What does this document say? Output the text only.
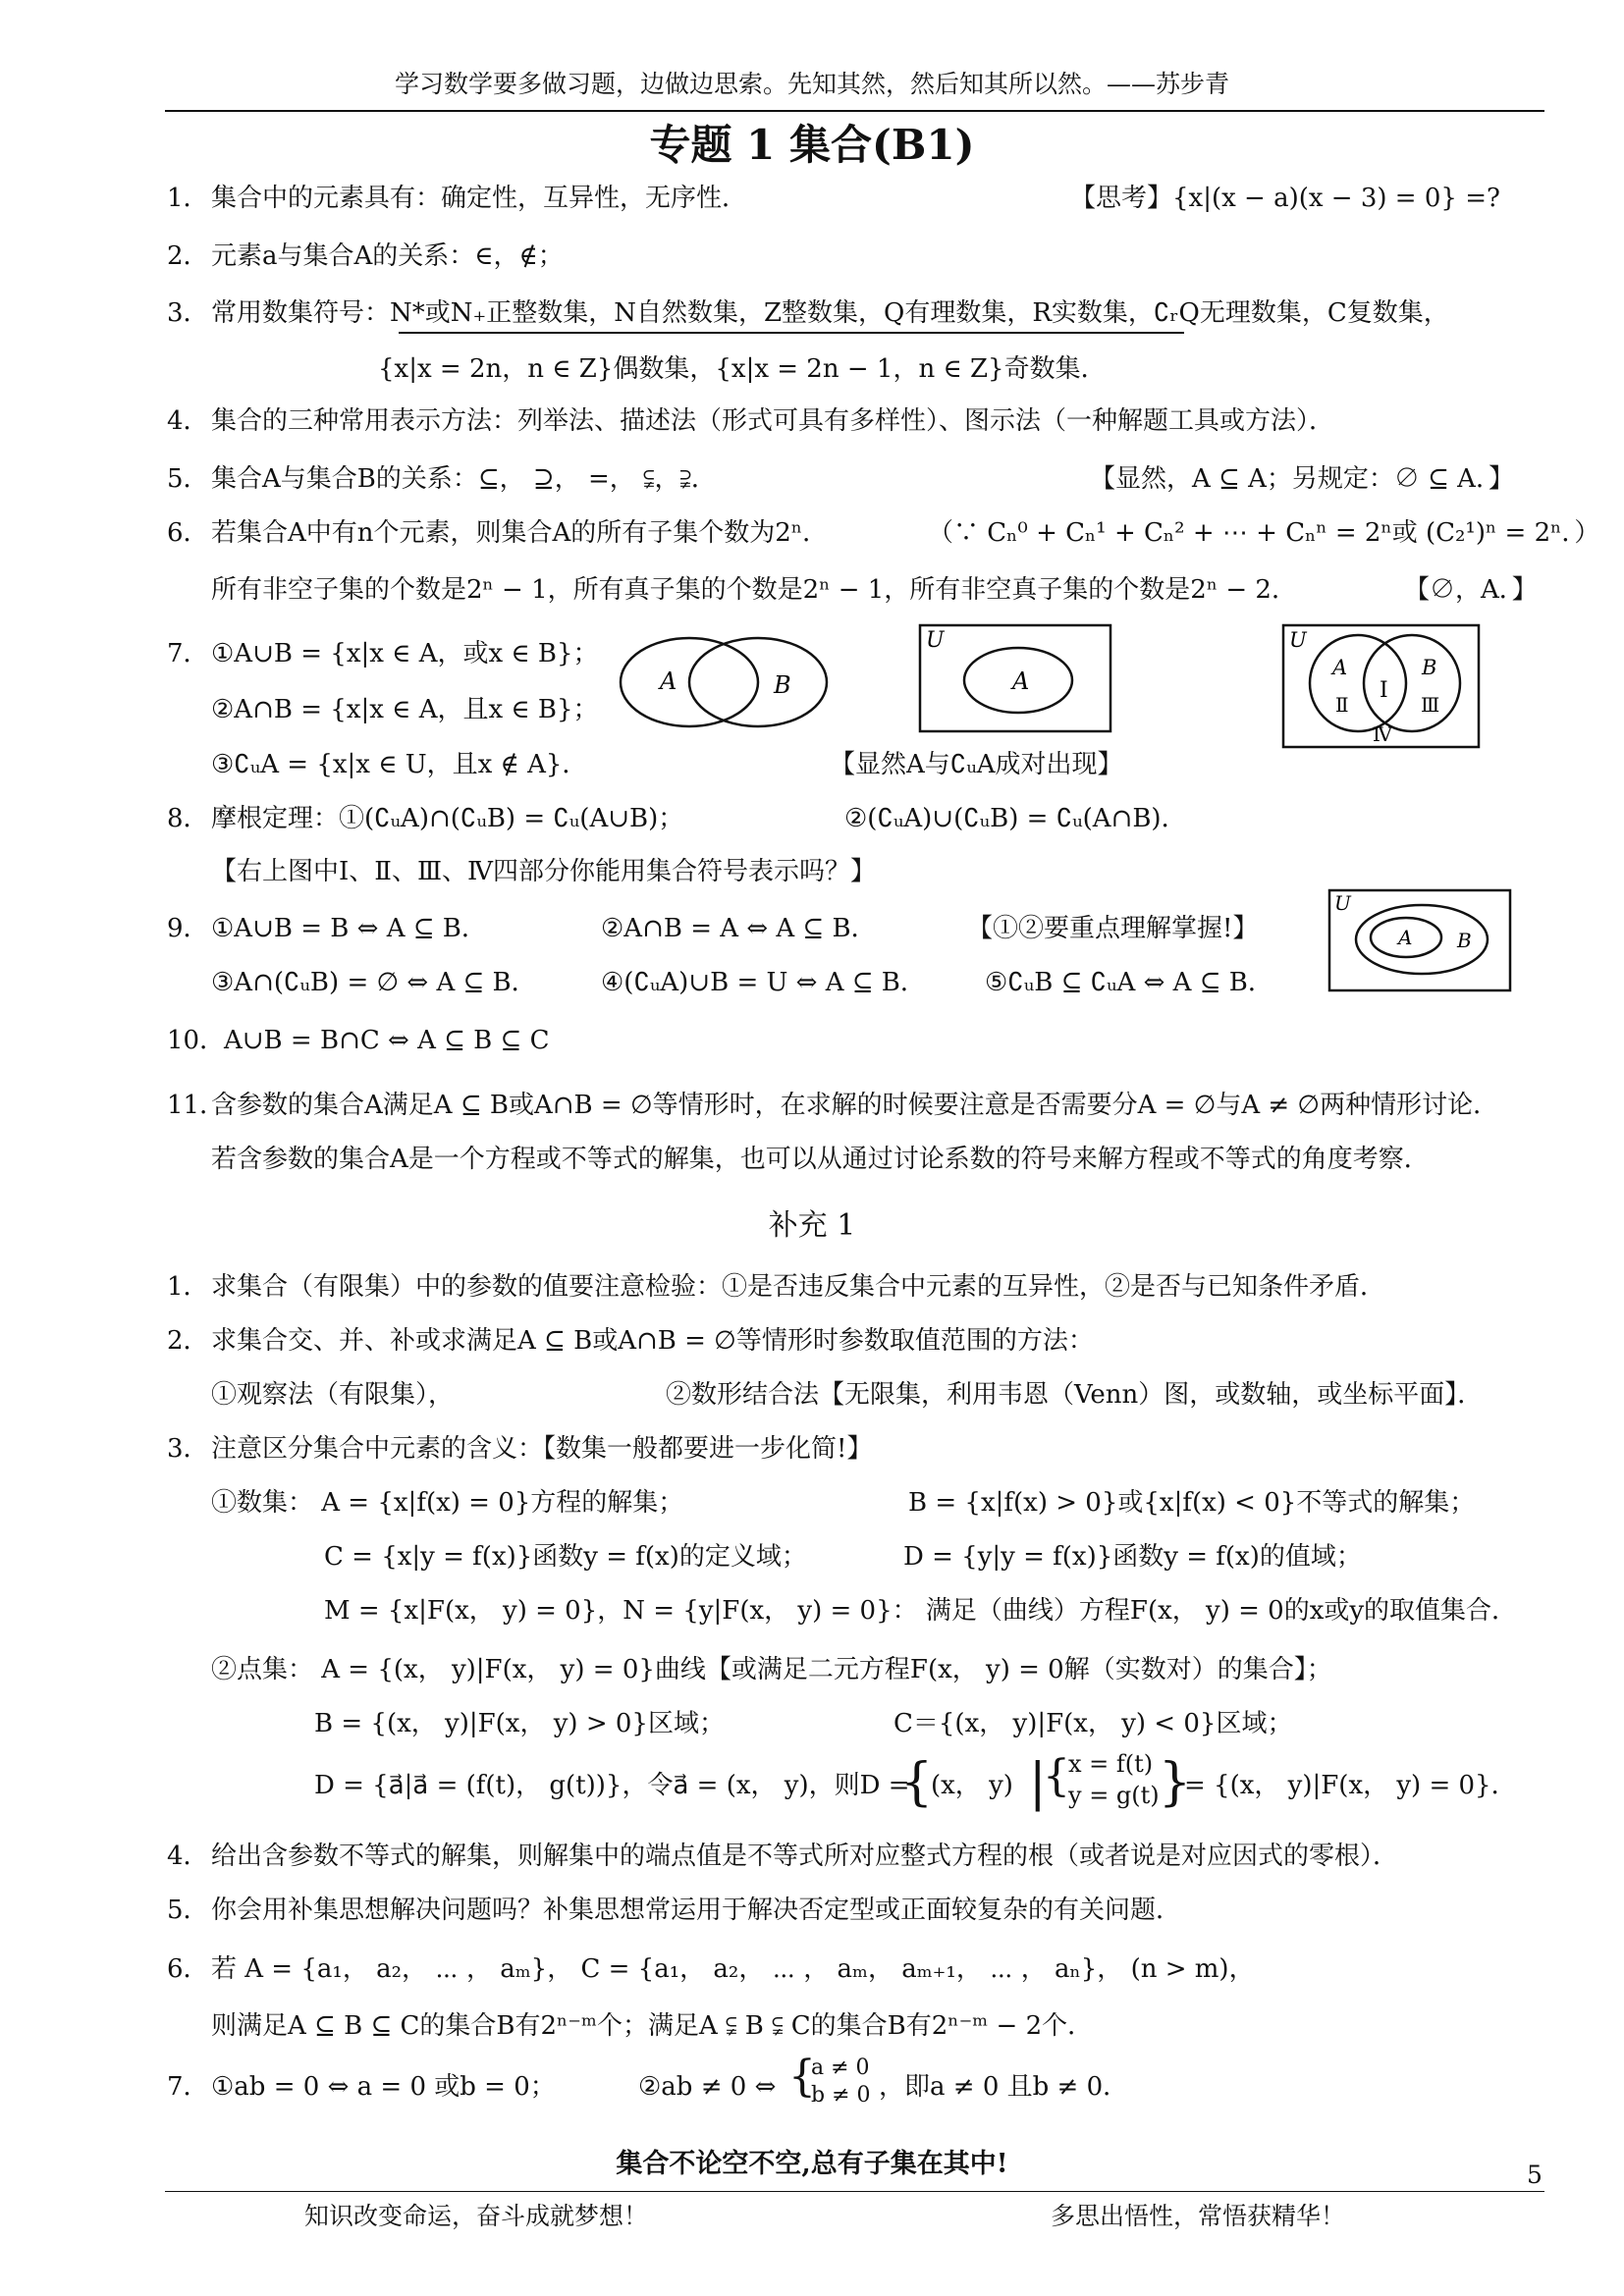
学习数学要多做习题，边做边思索。先知其然，然后知其所以然。——苏步青
专题 1 集合(B1)
1． 集合中的元素具有：确定性，互异性，无序性．	【思考】{x|(x − a)(x − 3) = 0} =?
2． 元素a与集合A的关系：∈，∉；
3． 常用数集符号：N*或N₊正整数集，N自然数集，Z整数集，Q有理数集，R实数集，∁ᵣQ无理数集，C复数集，
{x|x = 2n，n ∈ Z}偶数集，{x|x = 2n − 1，n ∈ Z}奇数集．
4． 集合的三种常用表示方法：列举法、描述法（形式可具有多样性）、图示法（一种解题工具或方法）．
5． 集合A与集合B的关系：⊆， ⊇， =， ⫋，⫌．	【显然，A ⊆ A；另规定：∅ ⊆ A．】
6． 若集合A中有n个元素，则集合A的所有子集个数为2ⁿ．	（∵ Cₙ⁰ + Cₙ¹ + Cₙ² + ⋯ + Cₙⁿ = 2ⁿ或 (C₂¹)ⁿ = 2ⁿ．）
所有非空子集的个数是2ⁿ − 1，所有真子集的个数是2ⁿ − 1，所有非空真子集的个数是2ⁿ − 2．	【∅，A．】
7． ①A∪B = {x|x ∈ A，或x ∈ B}；
②A∩B = {x|x ∈ A，且x ∈ B}；
③∁ᵤA = {x|x ∈ U，且x ∉ A}．	【显然A与∁ᵤA成对出现】
A	B
U
A
U
A	B
Ⅰ
Ⅱ	Ⅲ
Ⅳ
8． 摩根定理：①(∁ᵤA)∩(∁ᵤB) = ∁ᵤ(A∪B)；	②(∁ᵤA)∪(∁ᵤB) = ∁ᵤ(A∩B)．
【右上图中Ⅰ、Ⅱ、Ⅲ、Ⅳ四部分你能用集合符号表示吗？】
9． ①A∪B = B ⇔ A ⊆ B．	②A∩B = A ⇔ A ⊆ B．	【①②要重点理解掌握!】
③A∩(∁ᵤB) = ∅ ⇔ A ⊆ B．	④(∁ᵤA)∪B = U ⇔ A ⊆ B． ⑤∁ᵤB ⊆ ∁ᵤA ⇔ A ⊆ B．
U
A B
10．
A∪B = B∩C ⇔ A ⊆ B ⊆ C
11．
含参数的集合A满足A ⊆ B或A∩B = ∅等情形时，在求解的时候要注意是否需要分A = ∅与A ≠ ∅两种情形讨论．
若含参数的集合A是一个方程或不等式的解集，也可以从通过讨论系数的符号来解方程或不等式的角度考察．
补充 1
1． 求集合（有限集）中的参数的值要注意检验：①是否违反集合中元素的互异性，②是否与已知条件矛盾．
2． 求集合交、并、补或求满足A ⊆ B或A∩B = ∅等情形时参数取值范围的方法：
①观察法（有限集），	②数形结合法【无限集，利用韦恩（Venn）图，或数轴，或坐标平面】．
3． 注意区分集合中元素的含义：【数集一般都要进一步化简!】
①数集： A = {x|f(x) = 0}方程的解集；	B = {x|f(x) > 0}或{x|f(x) < 0}不等式的解集；
C = {x|y = f(x)}函数y = f(x)的定义域；	D = {y|y = f(x)}函数y = f(x)的值域；
M = {x|F(x， y) = 0}，N = {y|F(x， y) = 0}： 满足（曲线）方程F(x， y) = 0的x或y的取值集合．
②点集： A = {(x， y)|F(x， y) = 0}曲线【或满足二元方程F(x， y) = 0解（实数对）的集合】；
B = {(x， y)|F(x， y) > 0}区域；	C＝{(x， y)|F(x， y) < 0}区域；
D = {a⃗|a⃗ = (f(t)， g(t))}，令a⃗ = (x， y)，则D =
{
(x， y) |
{
x = f(t)
y = g(t) }
= {(x， y)|F(x， y) = 0}．
4． 给出含参数不等式的解集，则解集中的端点值是不等式所对应整式方程的根（或者说是对应因式的零根）．
5． 你会用补集思想解决问题吗？补集思想常运用于解决否定型或正面较复杂的有关问题．
6． 若 A = {a₁， a₂， ⋯ ， aₘ}， C = {a₁， a₂， ⋯ ， aₘ， aₘ₊₁， ⋯ ， aₙ}， (n > m)，
则满足A ⊆ B ⊆ C的集合B有2ⁿ⁻ᵐ个；满足A ⫋ B ⫋ C的集合B有2ⁿ⁻ᵐ − 2个．
7． ①ab = 0 ⇔ a = 0 或b = 0；	②ab ≠ 0 ⇔ {
a ≠ 0
b ≠ 0 ，即a ≠ 0 且b ≠ 0．
集合不论空不空,总有子集在其中!	5
知识改变命运，奋斗成就梦想！	多思出悟性，常悟获精华！
